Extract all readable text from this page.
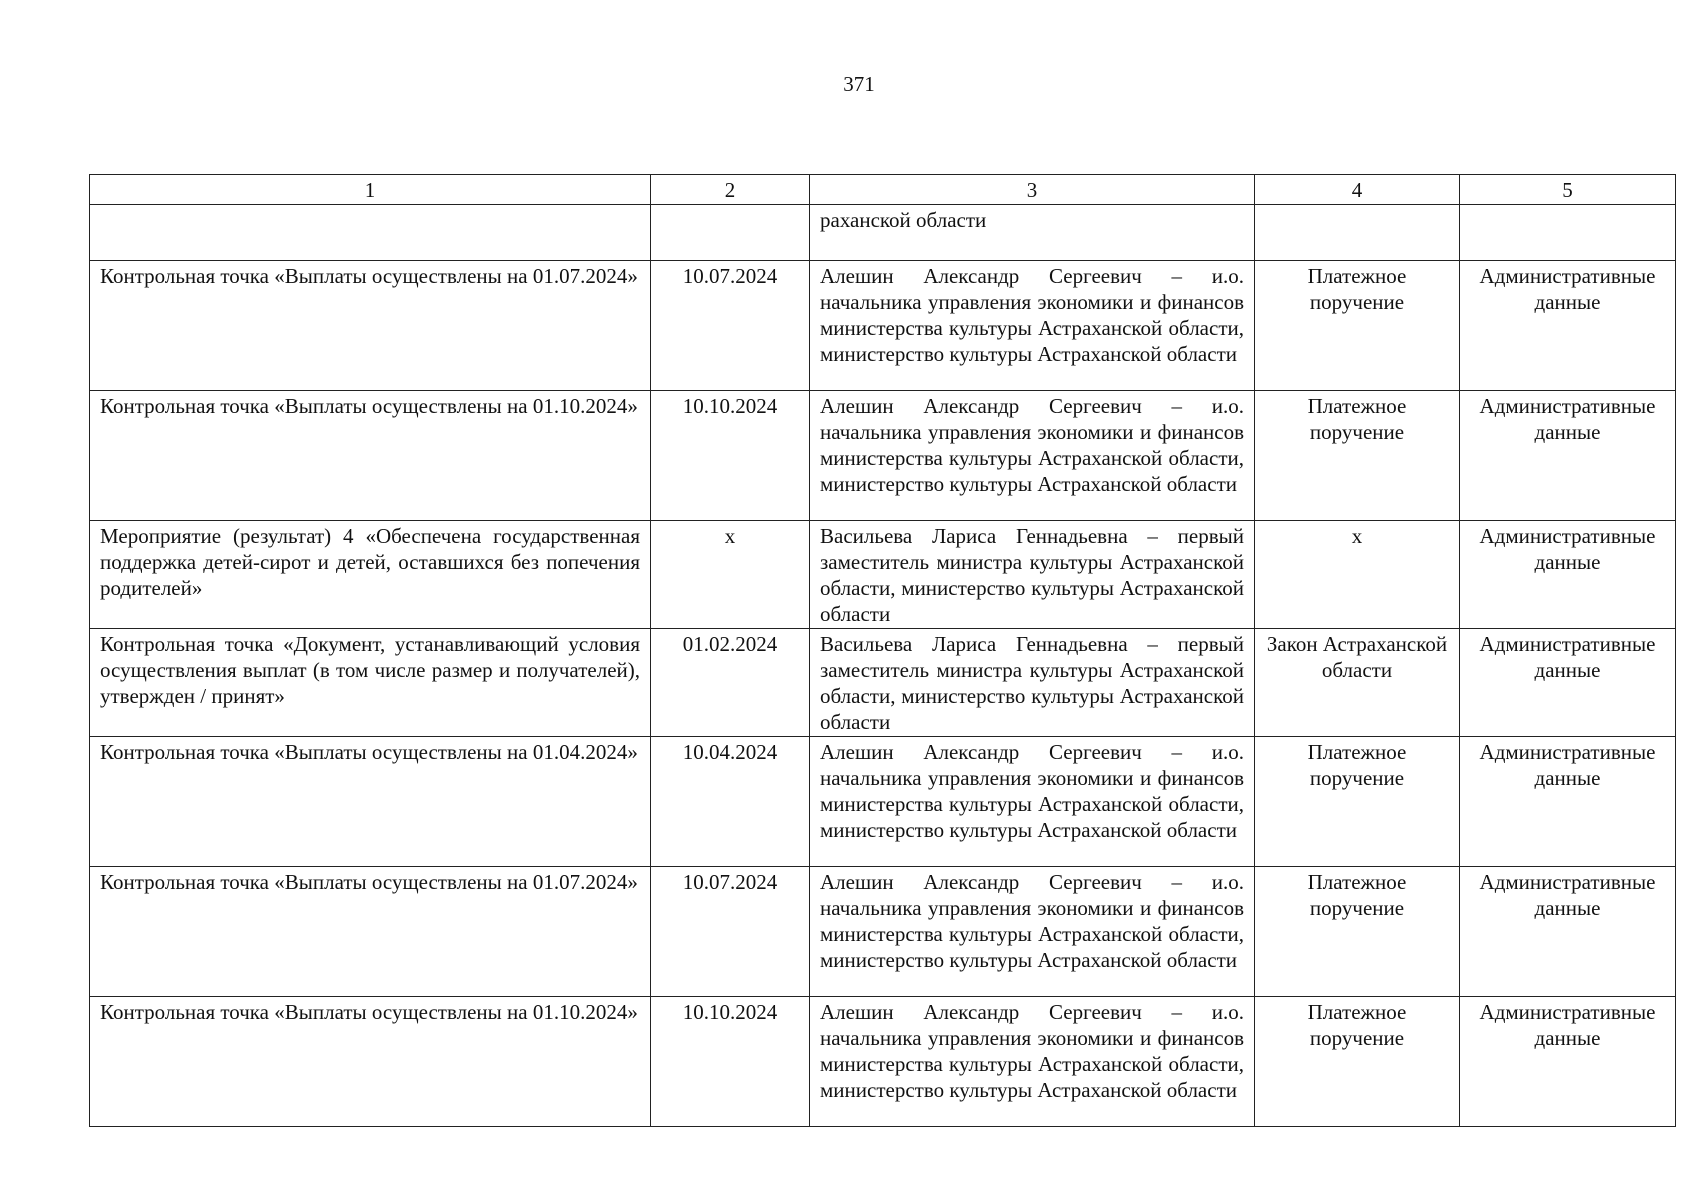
371
1	2	3	4	5
		раханской области		
Контрольная точка «Выплаты осуществлены на 01.07.2024»	10.07.2024	Алешин Александр Сергеевич – и.о. начальника управления экономики и финансов министерства культуры Астраханской области, министерство культуры Астраханской области	Платежное поручение	Административные данные
Контрольная точка «Выплаты осуществлены на 01.10.2024»	10.10.2024	Алешин Александр Сергеевич – и.о. начальника управления экономики и финансов министерства культуры Астраханской области, министерство культуры Астраханской области	Платежное поручение	Административные данные
Мероприятие (результат) 4 «Обеспечена государственная поддержка детей-сирот и детей, оставшихся без попечения родителей»	х	Васильева Лариса Геннадьевна – первый заместитель министра культуры Астраханской области, министерство культуры Астраханской области	х	Административные данные
Контрольная точка «Документ, устанавливающий условия осуществления выплат (в том числе размер и получателей), утвержден / принят»	01.02.2024	Васильева Лариса Геннадьевна – первый заместитель министра культуры Астраханской области, министерство культуры Астраханской области	Закон Астраханской области	Административные данные
Контрольная точка «Выплаты осуществлены на 01.04.2024»	10.04.2024	Алешин Александр Сергеевич – и.о. начальника управления экономики и финансов министерства культуры Астраханской области, министерство культуры Астраханской области	Платежное поручение	Административные данные
Контрольная точка «Выплаты осуществлены на 01.07.2024»	10.07.2024	Алешин Александр Сергеевич – и.о. начальника управления экономики и финансов министерства культуры Астраханской области, министерство культуры Астраханской области	Платежное поручение	Административные данные
Контрольная точка «Выплаты осуществлены на 01.10.2024»	10.10.2024	Алешин Александр Сергеевич – и.о. начальника управления экономики и финансов министерства культуры Астраханской области, министерство культуры Астраханской области	Платежное поручение	Административные данные
